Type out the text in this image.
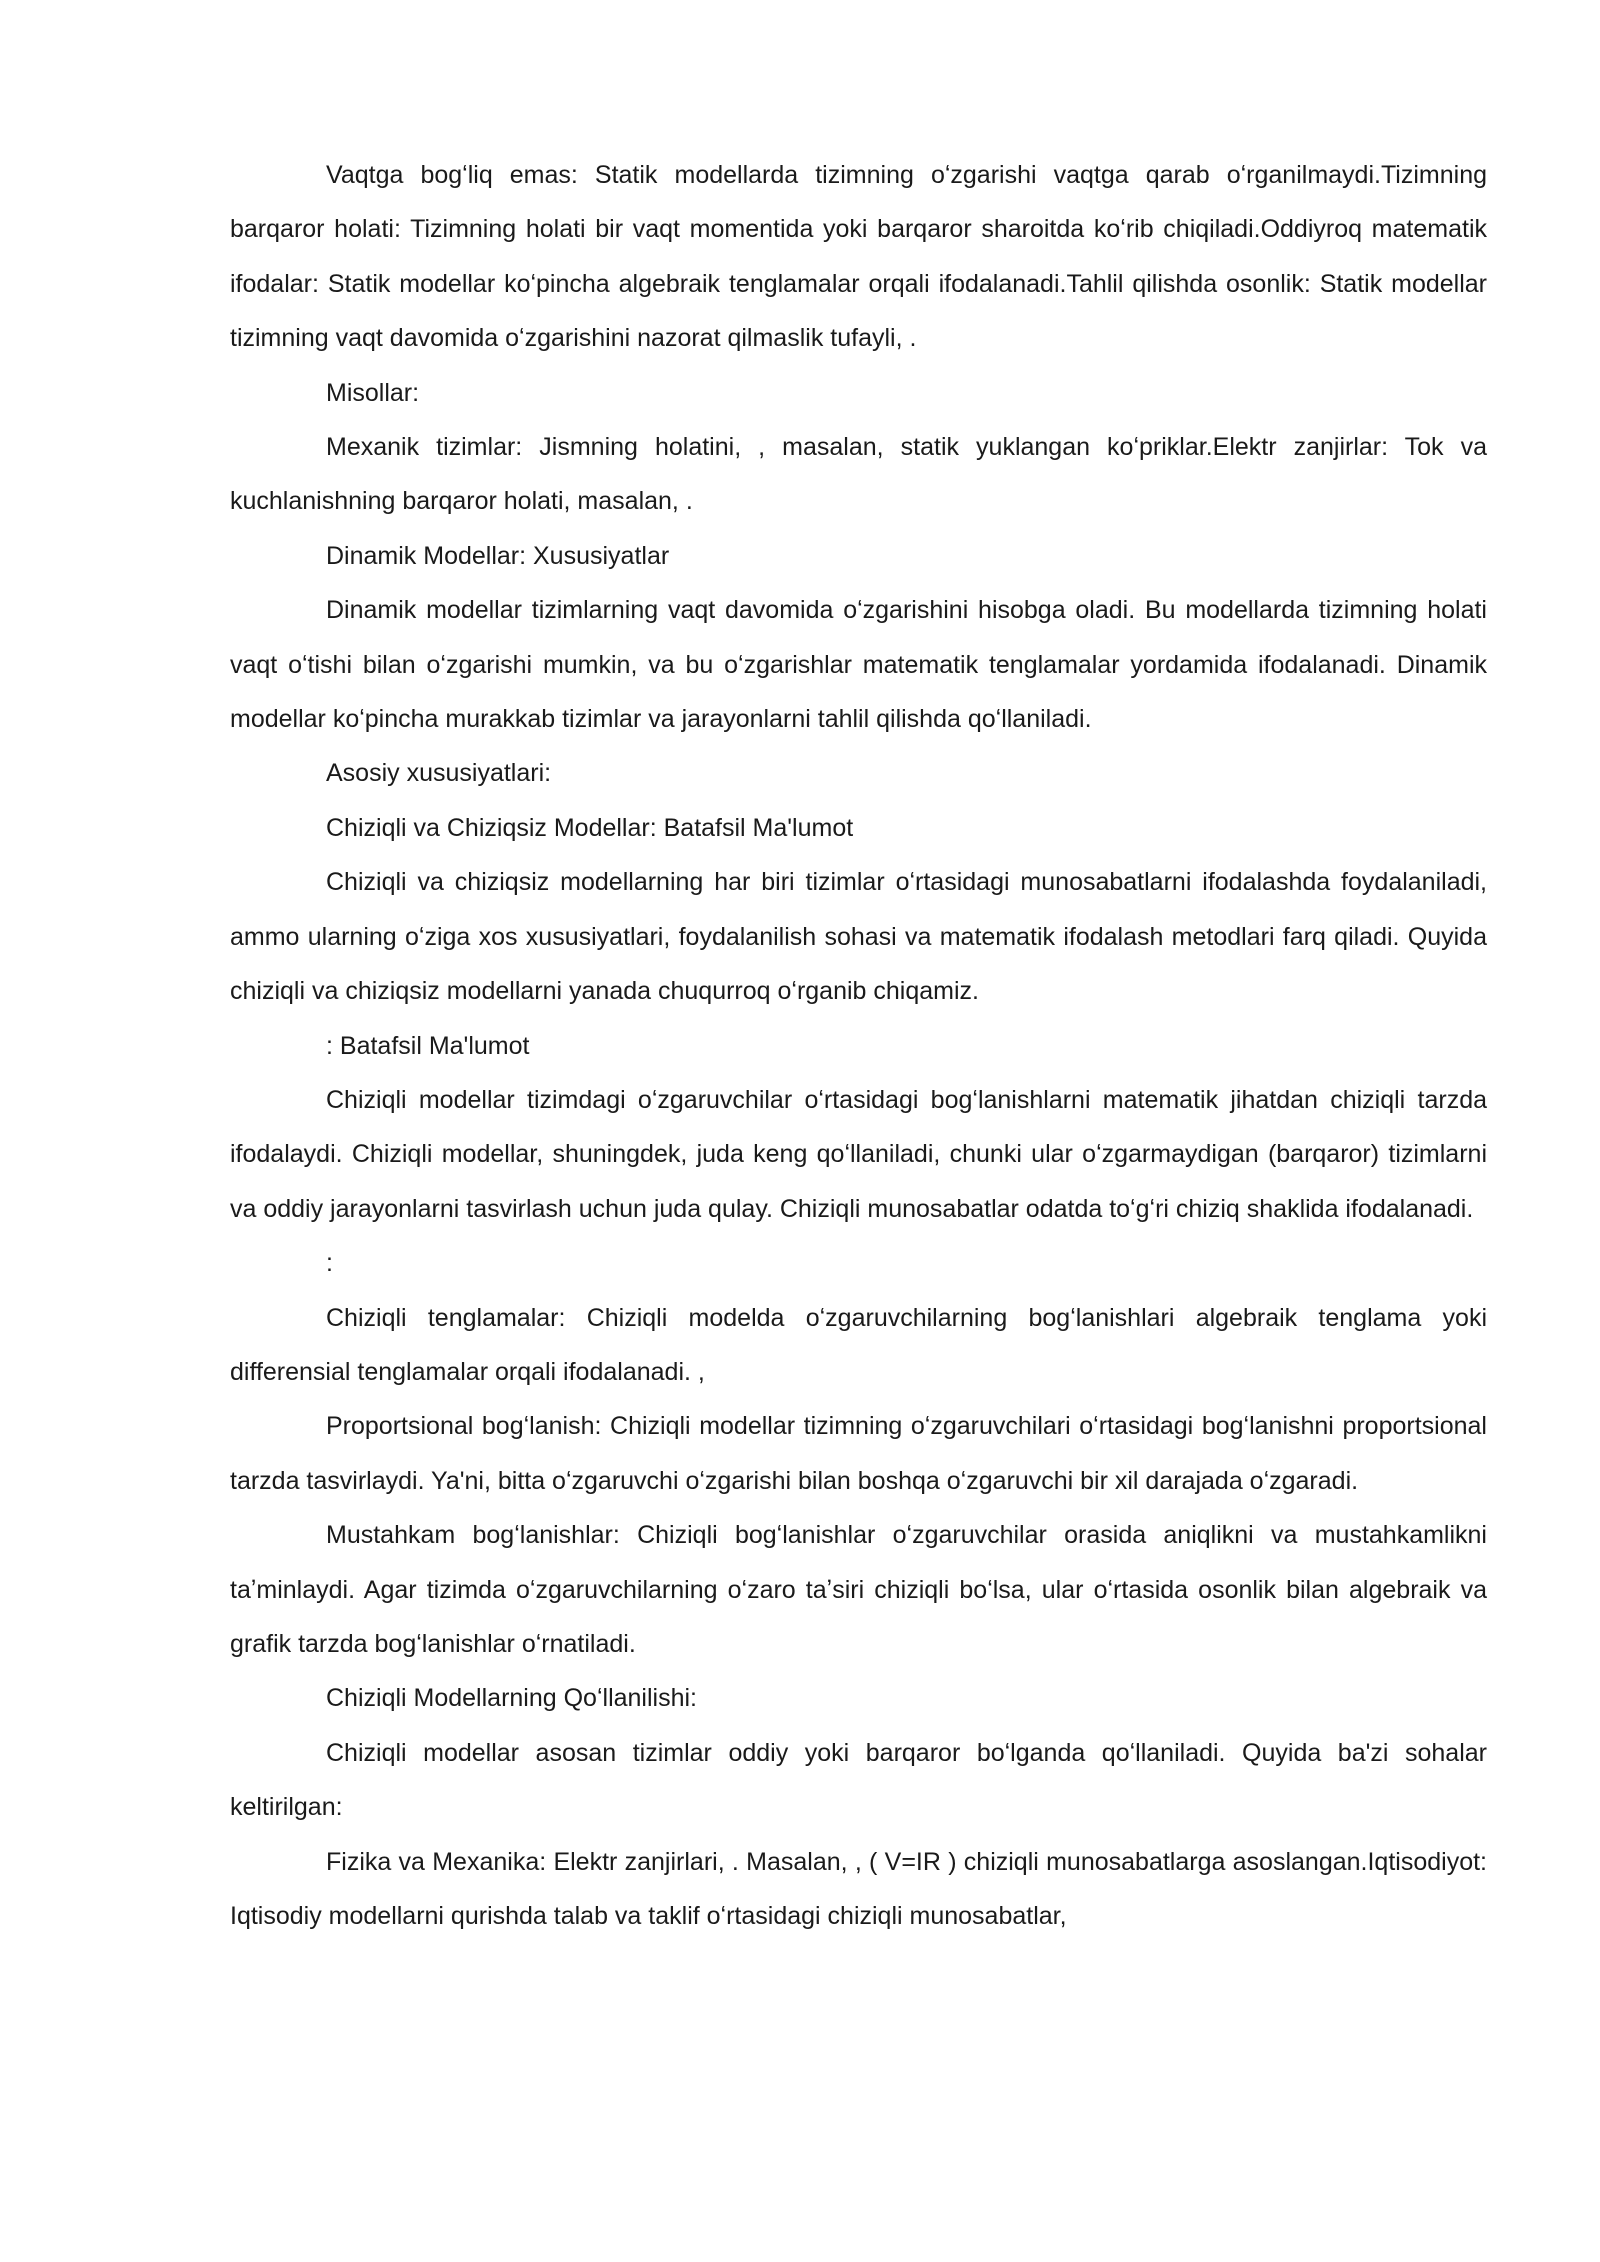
Vaqtga bogʻliq emas: Statik modellarda tizimning oʻzgarishi vaqtga qarab oʻrganilmaydi.Tizimning barqaror holati: Tizimning holati bir vaqt momentida yoki barqaror sharoitda koʻrib chiqiladi.Oddiyroq matematik ifodalar: Statik modellar koʻpincha algebraik tenglamalar orqali ifodalanadi.Tahlil qilishda osonlik: Statik modellar tizimning vaqt davomida oʻzgarishini nazorat qilmaslik tufayli, .

Misollar:

Mexanik tizimlar: Jismning holatini, , masalan, statik yuklangan koʻpriklar.Elektr zanjirlar: Tok va kuchlanishning barqaror holati, masalan, .

Dinamik Modellar: Xususiyatlar

Dinamik modellar tizimlarning vaqt davomida oʻzgarishini hisobga oladi. Bu modellarda tizimning holati vaqt oʻtishi bilan oʻzgarishi mumkin, va bu oʻzgarishlar matematik tenglamalar yordamida ifodalanadi. Dinamik modellar koʻpincha murakkab tizimlar va jarayonlarni tahlil qilishda qoʻllaniladi.

Asosiy xususiyatlari:

Chiziqli va Chiziqsiz Modellar: Batafsil Ma'lumot

Chiziqli va chiziqsiz modellarning har biri tizimlar oʻrtasidagi munosabatlarni ifodalashda foydalaniladi, ammo ularning oʻziga xos xususiyatlari, foydalanilish sohasi va matematik ifodalash metodlari farq qiladi. Quyida chiziqli va chiziqsiz modellarni yanada chuqurroq oʻrganib chiqamiz.

: Batafsil Ma'lumot

Chiziqli modellar tizimdagi oʻzgaruvchilar oʻrtasidagi bogʻlanishlarni matematik jihatdan chiziqli tarzda ifodalaydi. Chiziqli modellar, shuningdek, juda keng qoʻllaniladi, chunki ular oʻzgarmaydigan (barqaror) tizimlarni va oddiy jarayonlarni tasvirlash uchun juda qulay. Chiziqli munosabatlar odatda toʻgʻri chiziq shaklida ifodalanadi.

:

Chiziqli tenglamalar: Chiziqli modelda oʻzgaruvchilarning bogʻlanishlari algebraik tenglama yoki differensial tenglamalar orqali ifodalanadi. ,

Proportsional bogʻlanish: Chiziqli modellar tizimning oʻzgaruvchilari oʻrtasidagi bogʻlanishni proportsional tarzda tasvirlaydi. Ya'ni, bitta oʻzgaruvchi oʻzgarishi bilan boshqa oʻzgaruvchi bir xil darajada oʻzgaradi.

Mustahkam bogʻlanishlar: Chiziqli bogʻlanishlar oʻzgaruvchilar orasida aniqlikni va mustahkamlikni taʼminlaydi. Agar tizimda oʻzgaruvchilarning oʻzaro taʼsiri chiziqli boʻlsa, ular oʻrtasida osonlik bilan algebraik va grafik tarzda bogʻlanishlar oʻrnatiladi.

Chiziqli Modellarning Qoʻllanilishi:

Chiziqli modellar asosan tizimlar oddiy yoki barqaror boʻlganda qoʻllaniladi. Quyida ba'zi sohalar keltirilgan:

Fizika va Mexanika: Elektr zanjirlari, . Masalan, , ( V=IR ) chiziqli munosabatlarga asoslangan.Iqtisodiyot: Iqtisodiy modellarni qurishda talab va taklif oʻrtasidagi chiziqli munosabatlar,
